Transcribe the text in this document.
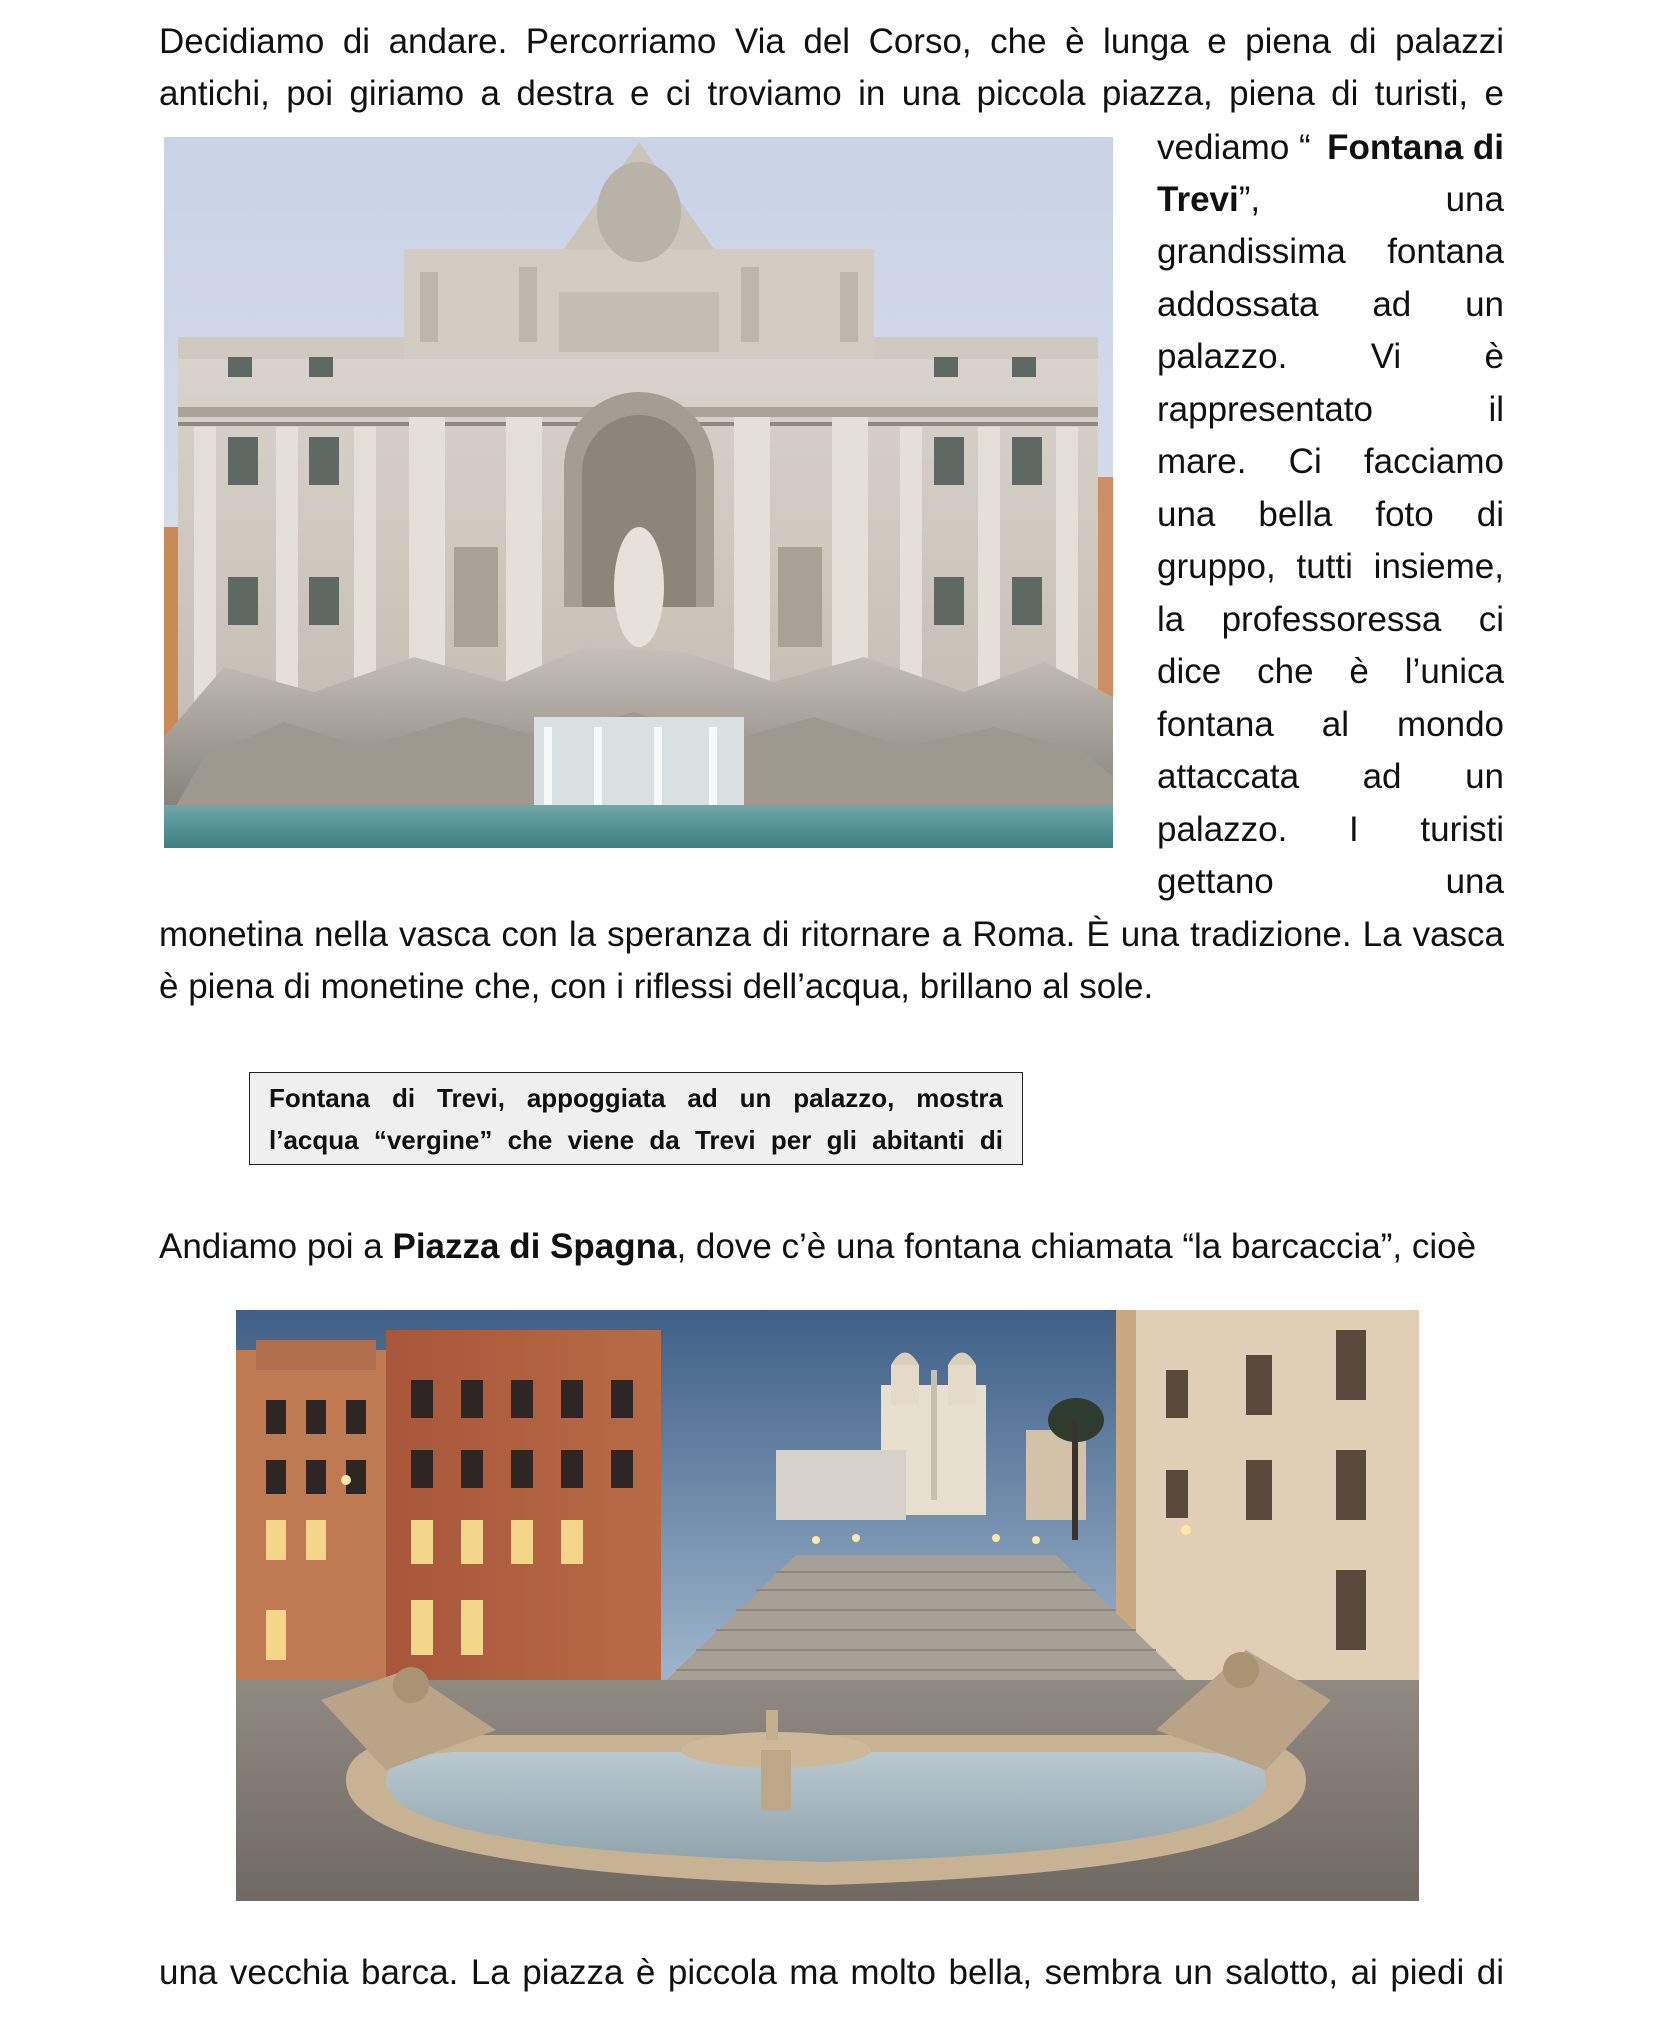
Decidiamo di andare. Percorriamo Via del Corso, che è lunga e piena di palazzi
antichi, poi giriamo a destra e ci troviamo in una piccola piazza, piena di turisti, e
vediamo “ Fontana di
Trevi”,	una
grandissima fontana
addossata ad un
palazzo. Vi è
rappresentato il
mare. Ci facciamo
una bella foto di
gruppo, tutti insieme,
la professoressa ci
dice che è l’unica
fontana al mondo
attaccata ad un
palazzo. I turisti
gettano una
monetina nella vasca con la speranza di ritornare a Roma. È una tradizione. La vasca
è piena di monetine che, con i riflessi dell’acqua, brillano al sole.
Fontana di Trevi, appoggiata ad un palazzo, mostra
l’acqua “vergine” che viene da Trevi per gli abitanti di
Andiamo poi a Piazza di Spagna , dove c’è una fontana chiamata “la barcaccia”, cioè
una vecchia barca. La piazza è piccola ma molto bella, sembra un salotto, ai piedi di
